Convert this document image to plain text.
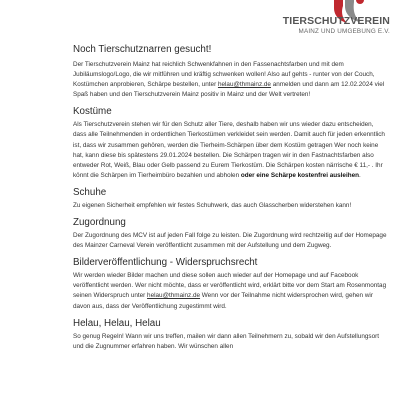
TIERSCHUTZVEREIN
MAINZ UND UMGEBUNG E.V.
Noch Tierschutznarren gesucht!

Der Tierschutzverein Mainz hat reichlich Schwenkfahnen in den Fassenachtsfarben und mit dem Jubiläumslogo/Logo, die wir mitführen und kräftig schwenken wollen! Also auf gehts - runter von der Couch, Kostümchen anprobieren, Schärpe bestellen, unter helau@thmainz.de anmelden und dann am 12.02.2024 viel Spaß haben und den Tierschutzverein Mainz positiv in Mainz und der Welt vertreten!

Kostüme

Als Tierschutzverein stehen wir für den Schutz aller Tiere, deshalb haben wir uns wieder dazu entscheiden, dass alle Teilnehmenden in ordentlichen Tierkostümen verkleidet sein werden. Damit auch für jeden erkenntlich ist, dass wir zusammen gehören, werden die Tierheim-Schärpen über dem Kostüm getragen Wer noch keine hat, kann diese bis spätestens 29.01.2024 bestellen. Die Schärpen tragen wir in den Fastnachtsfarben also entweder Rot, Weiß, Blau oder Gelb passend zu Eurem Tierkostüm. Die Schärpen kosten närrische € 11,- . Ihr könnt die Schärpen im Tierheimbüro bezahlen und abholen oder eine Schärpe kostenfrei ausleihen.

Schuhe

Zu eigenen Sicherheit empfehlen wir festes Schuhwerk, das auch Glasscherben widerstehen kann!

Zugordnung

Der Zugordnung des MCV ist auf jeden Fall folge zu leisten. Die Zugordnung wird rechtzeitig auf der Homepage des Mainzer Carneval Verein veröffentlicht zusammen mit der Aufstellung und dem Zugweg.

Bilderveröffentlichung - Widerspruchsrecht

Wir werden wieder Bilder machen und diese sollen auch wieder auf der Homepage und auf Facebook veröffentlicht werden. Wer nicht möchte, dass er veröffentlicht wird, erklärt bitte vor dem Start am Rosenmontag seinen Widerspruch unter helau@thmainz.de Wenn vor der Teilnahme nicht widersprochen wird, gehen wir davon aus, dass der Veröffentlichung zugestimmt wird.

Helau, Helau, Helau

So genug Regeln! Wann wir uns treffen, mailen wir dann allen Teilnehmern zu, sobald wir den Aufstellungsort und die Zugnummer erfahren haben. Wir wünschen allen
